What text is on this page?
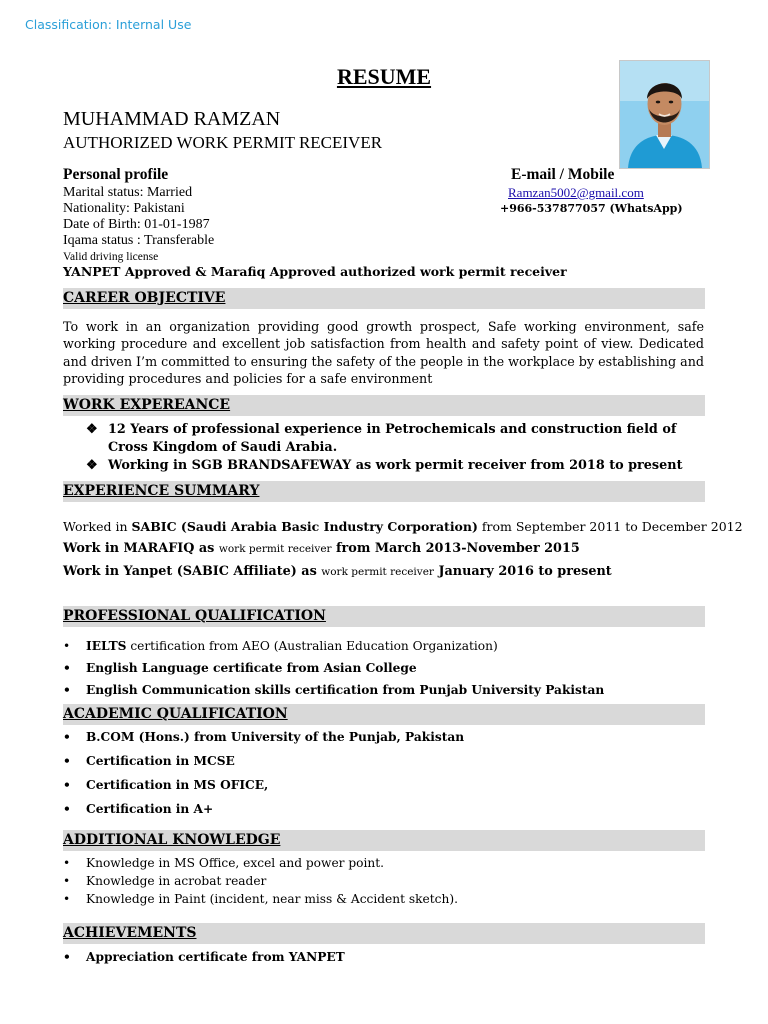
Classification: Internal Use
RESUME
MUHAMMAD RAMZAN
AUTHORIZED WORK PERMIT RECEIVER
Personal profile	E-mail / Mobile
Marital status: Married
Nationality: Pakistani
Date of Birth: 01-01-1987
Iqama status : Transferable
Valid driving license
Ramzan5002@gmail.com
+966-537877057 (WhatsApp)
YANPET Approved & Marafiq Approved authorized work permit receiver
CAREER OBJECTIVE
To work in an organization providing good growth prospect, Safe working environment, safe working procedure and excellent job satisfaction from health and safety point of view. Dedicated and driven I’m committed to ensuring the safety of the people in the workplace by establishing and providing procedures and policies for a safe environment
WORK EXPEREANCE
❖ 12 Years of professional experience in Petrochemicals and construction field of Cross Kingdom of Saudi Arabia.
❖ Working in SGB BRANDSAFEWAY as work permit receiver from 2018 to present
EXPERIENCE SUMMARY
Worked in SABIC (Saudi Arabia Basic Industry Corporation) from September 2011 to December 2012
Work in MARAFIQ as work permit receiver from March 2013-November 2015
Work in Yanpet (SABIC Affiliate) as work permit receiver January 2016 to present
PROFESSIONAL QUALIFICATION
• IELTS certification from AEO (Australian Education Organization)
• English Language certificate from Asian College
• English Communication skills certification from Punjab University Pakistan
ACADEMIC QUALIFICATION
• B.COM (Hons.) from University of the Punjab, Pakistan
• Certification in MCSE
• Certification in MS OFICE,
• Certification in A+
ADDITIONAL KNOWLEDGE
• Knowledge in MS Office, excel and power point.
• Knowledge in acrobat reader
• Knowledge in Paint (incident, near miss & Accident sketch).
ACHIEVEMENTS
• Appreciation certificate from YANPET
